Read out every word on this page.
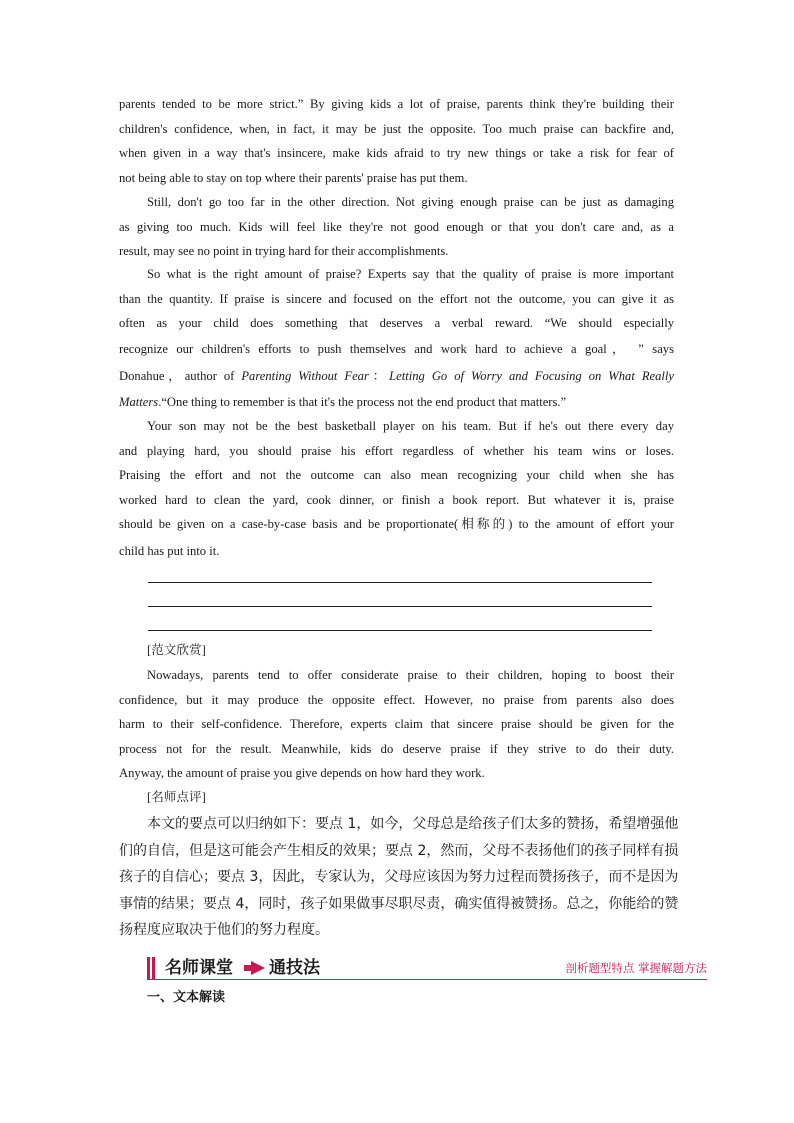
parents tended to be more strict.” By giving kids a lot of praise, parents think they're building their
children's confidence, when, in fact, it may be just the opposite. Too much praise can backfire and,
when given in a way that's insincere, make kids afraid to try new things or take a risk for fear of
not being able to stay on top where their parents' praise has put them.
Still, don't go too far in the other direction. Not giving enough praise can be just as damaging
as giving too much. Kids will feel like they're not good enough or that you don't care and, as a
result, may see no point in trying hard for their accomplishments.
So what is the right amount of praise? Experts say that the quality of praise is more important
than the quantity. If praise is sincere and focused on the effort not the outcome, you can give it as
often as your child does something that deserves a verbal reward. “We should especially
recognize our children's efforts to push themselves and work hard to achieve a goal， ” says
Donahue，author of Parenting Without Fear：Letting Go of Worry and Focusing on What Really
Matters.“One thing to remember is that it's the process not the end product that matters.”
Your son may not be the best basketball player on his team. But if he's out there every day
and playing hard, you should praise his effort regardless of whether his team wins or loses.
Praising the effort and not the outcome can also mean recognizing your child when she has
worked hard to clean the yard, cook dinner, or finish a book report. But whatever it is, praise
should be given on a case-by-case basis and be proportionate(相称的) to the amount of effort your
child has put into it.
[范文欣赏]
Nowadays, parents tend to offer considerate praise to their children, hoping to boost their
confidence, but it may produce the opposite effect. However, no praise from parents also does
harm to their self-confidence. Therefore, experts claim that sincere praise should be given for the
process not for the result. Meanwhile, kids do deserve praise if they strive to do their duty.
Anyway, the amount of praise you give depends on how hard they work.
[名师点评]
本文的要点可以归纳如下：要点 1，如今，父母总是给孩子们太多的赞扬，希望增强他
们的自信，但是这可能会产生相反的效果；要点 2，然而，父母不表扬他们的孩子同样有损
孩子的自信心；要点 3，因此，专家认为，父母应该因为努力过程而赞扬孩子，而不是因为
事情的结果；要点 4，同时，孩子如果做事尽职尽责，确实值得被赞扬。总之，你能给的赞
扬程度应取决于他们的努力程度。
名师课堂 通技法	剖析题型特点 掌握解题方法
一、文本解读
